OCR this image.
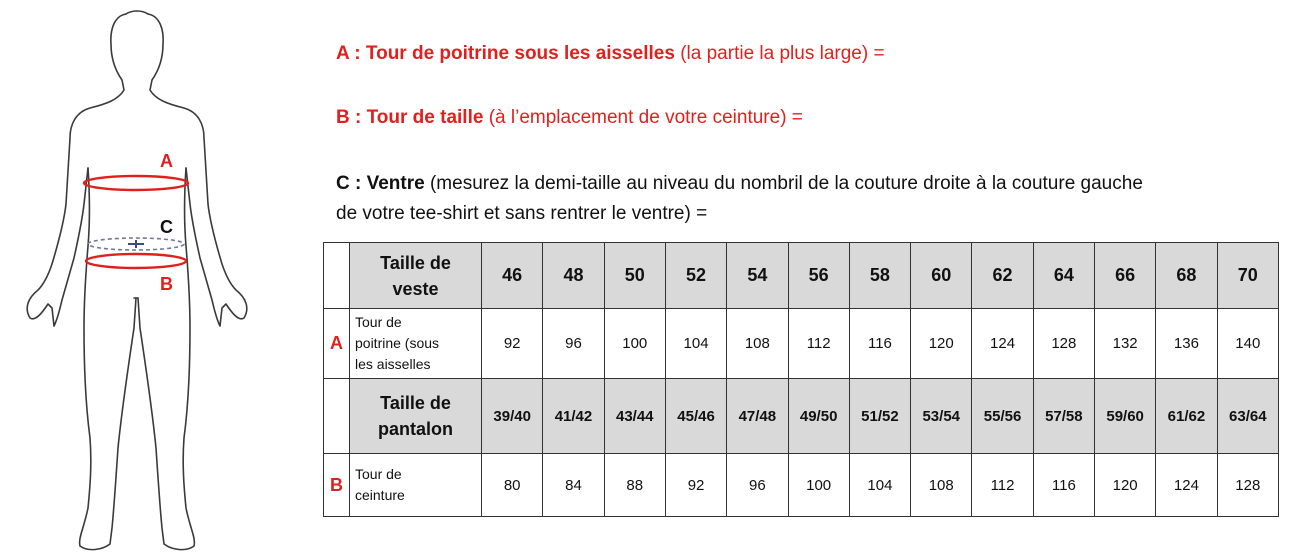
A
C
B
A : Tour de poitrine sous les aisselles (la partie la plus large) =
B : Tour de taille (à l’emplacement de votre ceinture) =
C : Ventre (mesurez la demi-taille au niveau du nombril de la couture droite à la couture gauche
de votre tee-shirt et sans rentrer le ventre) =
	Taille de
veste	46	48	50	52	54	56	58	60	62	64	66	68	70
A	Tour de
poitrine (sous
les aisselles	92	96	100	104	108	112	116	120	124	128	132	136	140
	Taille de
pantalon	39/40	41/42	43/44	45/46	47/48	49/50	51/52	53/54	55/56	57/58	59/60	61/62	63/64
B	Tour de
ceinture	80	84	88	92	96	100	104	108	112	116	120	124	128
